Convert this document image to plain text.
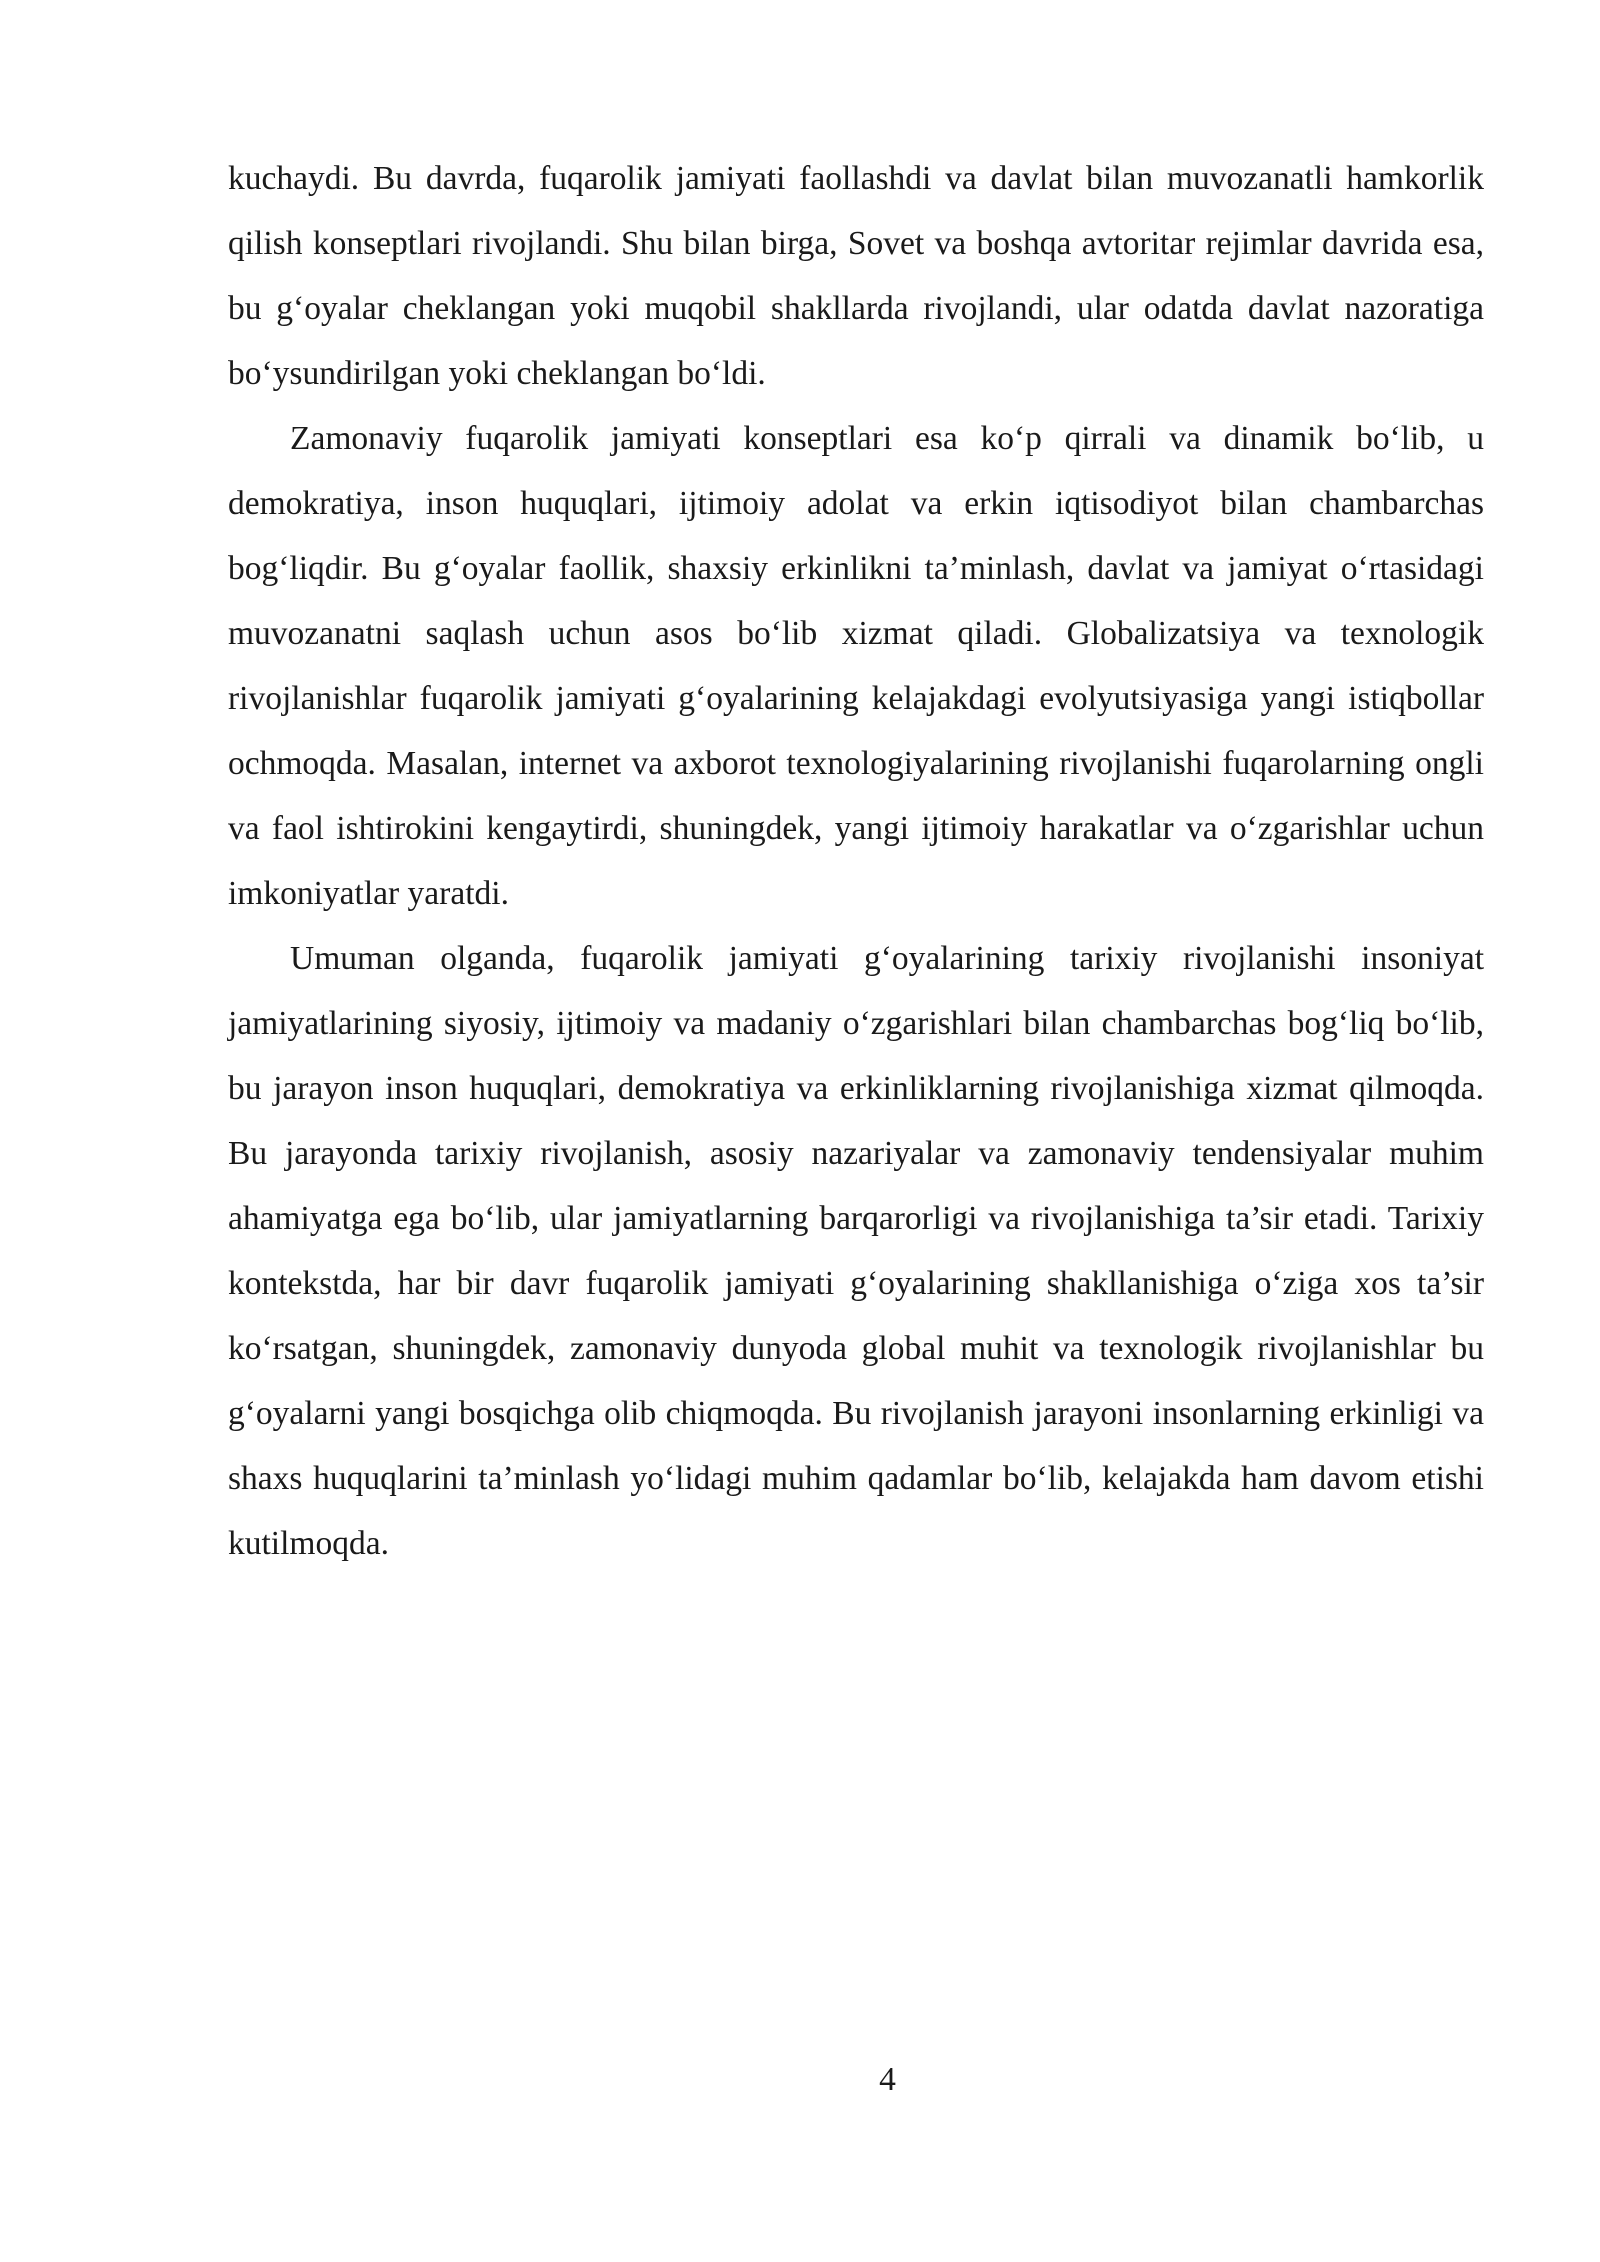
kuchaydi. Bu davrda, fuqarolik jamiyati faollashdi va davlat bilan muvozanatli hamkorlik qilish konseptlari rivojlandi. Shu bilan birga, Sovet va boshqa avtoritar rejimlar davrida esa, bu g‘oyalar cheklangan yoki muqobil shakllarda rivojlandi, ular odatda davlat nazoratiga bo‘ysundirilgan yoki cheklangan bo‘ldi.

Zamonaviy fuqarolik jamiyati konseptlari esa ko‘p qirrali va dinamik bo‘lib, u demokratiya, inson huquqlari, ijtimoiy adolat va erkin iqtisodiyot bilan chambarchas bog‘liqdir. Bu g‘oyalar faollik, shaxsiy erkinlikni ta’minlash, davlat va jamiyat o‘rtasidagi muvozanatni saqlash uchun asos bo‘lib xizmat qiladi. Globalizatsiya va texnologik rivojlanishlar fuqarolik jamiyati g‘oyalarining kelajakdagi evolyutsiyasiga yangi istiqbollar ochmoqda. Masalan, internet va axborot texnologiyalarining rivojlanishi fuqarolarning ongli va faol ishtirokini kengaytirdi, shuningdek, yangi ijtimoiy harakatlar va o‘zgarishlar uchun imkoniyatlar yaratdi.

Umuman olganda, fuqarolik jamiyati g‘oyalarining tarixiy rivojlanishi insoniyat jamiyatlarining siyosiy, ijtimoiy va madaniy o‘zgarishlari bilan chambarchas bog‘liq bo‘lib, bu jarayon inson huquqlari, demokratiya va erkinliklarning rivojlanishiga xizmat qilmoqda. Bu jarayonda tarixiy rivojlanish, asosiy nazariyalar va zamonaviy tendensiyalar muhim ahamiyatga ega bo‘lib, ular jamiyatlarning barqarorligi va rivojlanishiga ta’sir etadi. Tarixiy kontekstda, har bir davr fuqarolik jamiyati g‘oyalarining shakllanishiga o‘ziga xos ta’sir ko‘rsatgan, shuningdek, zamonaviy dunyoda global muhit va texnologik rivojlanishlar bu g‘oyalarni yangi bosqichga olib chiqmoqda. Bu rivojlanish jarayoni insonlarning erkinligi va shaxs huquqlarini ta’minlash yo‘lidagi muhim qadamlar bo‘lib, kelajakda ham davom etishi kutilmoqda.

4
